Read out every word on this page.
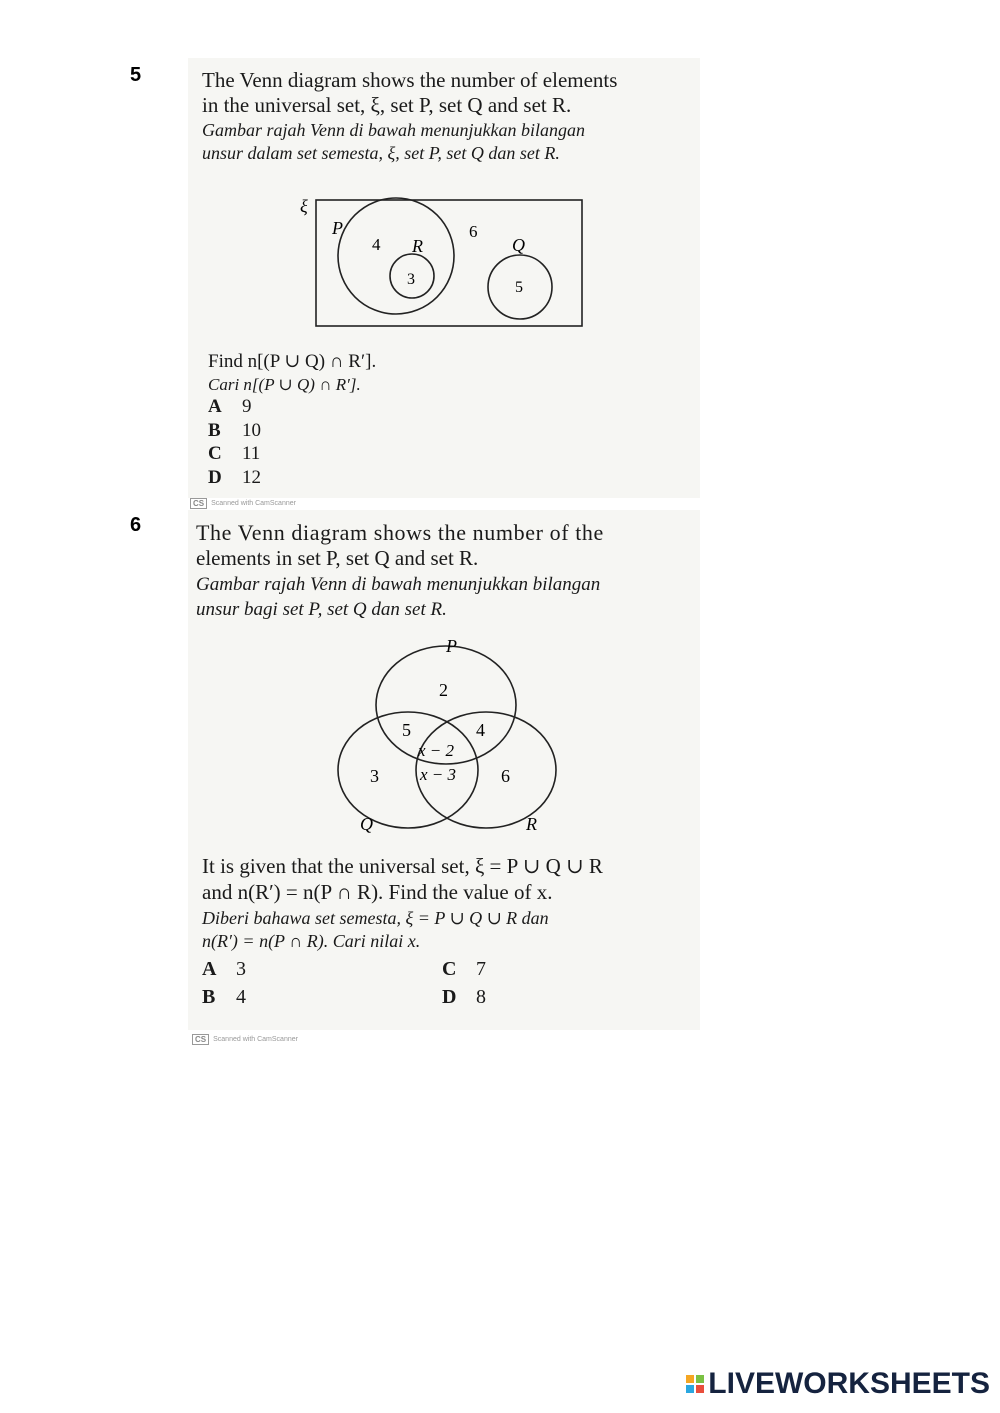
5	The Venn diagram shows the number of elements
in the universal set, ξ, set P, set Q and set R.
Gambar rajah Venn di bawah menunjukkan bilangan
unsur dalam set semesta, ξ, set P, set Q dan set R.
ξ
P
4 R
3
6
Q
5
Find n[(P ∪ Q) ∩ R′].
Cari n[(P ∪ Q) ∩ R′].
A 9
B 10
C 11
D 12
CS	Scanned with CamScanner
6 The Venn diagram shows the number of the
elements in set P, set Q and set R.
Gambar rajah Venn di bawah menunjukkan bilangan
unsur bagi set P, set Q dan set R.
P
2
5	4
x − 2
3 x − 3 6
Q	R
It is given that the universal set, ξ = P ∪ Q ∪ R
and n(R′) = n(P ∩ R). Find the value of x.
Diberi bahawa set semesta, ξ = P ∪ Q ∪ R dan
n(R′) = n(P ∩ R). Cari nilai x.
A 3	C 7
B 4	D 8
CS	Scanned with CamScanner
LIVEWORKSHEETS
